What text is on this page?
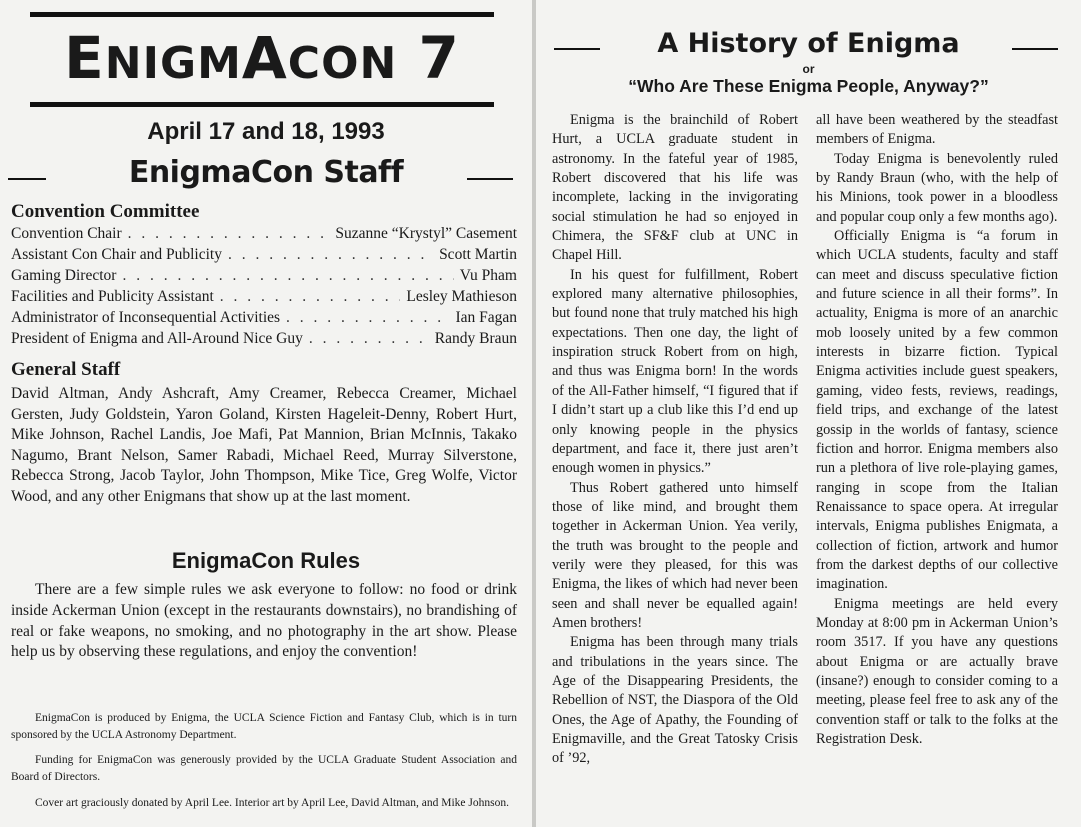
ENIGMACON 7
April 17 and 18, 1993
EnigmaCon Staff
Convention Committee
Convention Chair . . .	Suzanne “Krystyl” Casement
Assistant Con Chair and Publicity . . .	Scott Martin
Gaming Director . . .	Vu Pham
Facilities and Publicity Assistant . . .	Lesley Mathieson
Administrator of Inconsequential Activities . . .	Ian Fagan
President of Enigma and All-Around Nice Guy . . .	Randy Braun
General Staff
David Altman, Andy Ashcraft, Amy Creamer, Rebecca Creamer, Michael Gersten, Judy Goldstein, Yaron Goland, Kirsten Hageleit-Denny, Robert Hurt, Mike Johnson, Rachel Landis, Joe Mafi, Pat Mannion, Brian McInnis, Takako Nagumo, Brant Nelson, Samer Rabadi, Michael Reed, Murray Silverstone, Rebecca Strong, Jacob Taylor, John Thompson, Mike Tice, Greg Wolfe, Victor Wood, and any other Enigmans that show up at the last moment.
EnigmaCon Rules
There are a few simple rules we ask everyone to follow: no food or drink inside Ackerman Union (except in the restaurants downstairs), no brandishing of real or fake weapons, no smoking, and no photography in the art show. Please help us by observing these regulations, and enjoy the convention!
EnigmaCon is produced by Enigma, the UCLA Science Fiction and Fantasy Club, which is in turn sponsored by the UCLA Astronomy Department.
Funding for EnigmaCon was generously provided by the UCLA Graduate Student Association and Board of Directors.
Cover art graciously donated by April Lee. Interior art by April Lee, David Altman, and Mike Johnson.
A History of Enigma
or
“Who Are These Enigma People, Anyway?”

Enigma is the brainchild of Robert Hurt, a UCLA graduate student in astronomy. In the fateful year of 1985, Robert discovered that his life was incomplete, lacking in the invigorating social stimulation he had so enjoyed in Chimera, the SF&F club at UNC in Chapel Hill.

In his quest for fulfillment, Robert explored many alternative philosophies, but found none that truly matched his high expectations. Then one day, the light of inspiration struck Robert from on high, and thus was Enigma born! In the words of the All-Father himself, “I figured that if I didn’t start up a club like this I’d end up only knowing people in the physics department, and face it, there just aren’t enough women in physics.”

Thus Robert gathered unto himself those of like mind, and brought them together in Ackerman Union. Yea verily, the truth was brought to the people and verily were they pleased, for this was Enigma, the likes of which had never been seen and shall never be equalled again! Amen brothers!

Enigma has been through many trials and tribulations in the years since. The Age of the Disappearing Presidents, the Rebellion of NST, the Diaspora of the Old Ones, the Age of Apathy, the Founding of Enigmaville, and the Great Tatosky Crisis of ’92,

all have been weathered by the steadfast members of Enigma.

Today Enigma is benevolently ruled by Randy Braun (who, with the help of his Minions, took power in a bloodless and popular coup only a few months ago).

Officially Enigma is “a forum in which UCLA students, faculty and staff can meet and discuss speculative fiction and future science in all their forms”. In actuality, Enigma is more of an anarchic mob loosely united by a few common interests in bizarre fiction. Typical Enigma activities include guest speakers, gaming, video fests, reviews, readings, field trips, and exchange of the latest gossip in the worlds of fantasy, science fiction and horror. Enigma members also run a plethora of live role-playing games, ranging in scope from the Italian Renaissance to space opera. At irregular intervals, Enigma publishes Enigmata, a collection of fiction, artwork and humor from the darkest depths of our collective imagination.

Enigma meetings are held every Monday at 8:00 pm in Ackerman Union’s room 3517. If you have any questions about Enigma or are actually brave (insane?) enough to consider coming to a meeting, please feel free to ask any of the convention staff or talk to the folks at the Registration Desk.
